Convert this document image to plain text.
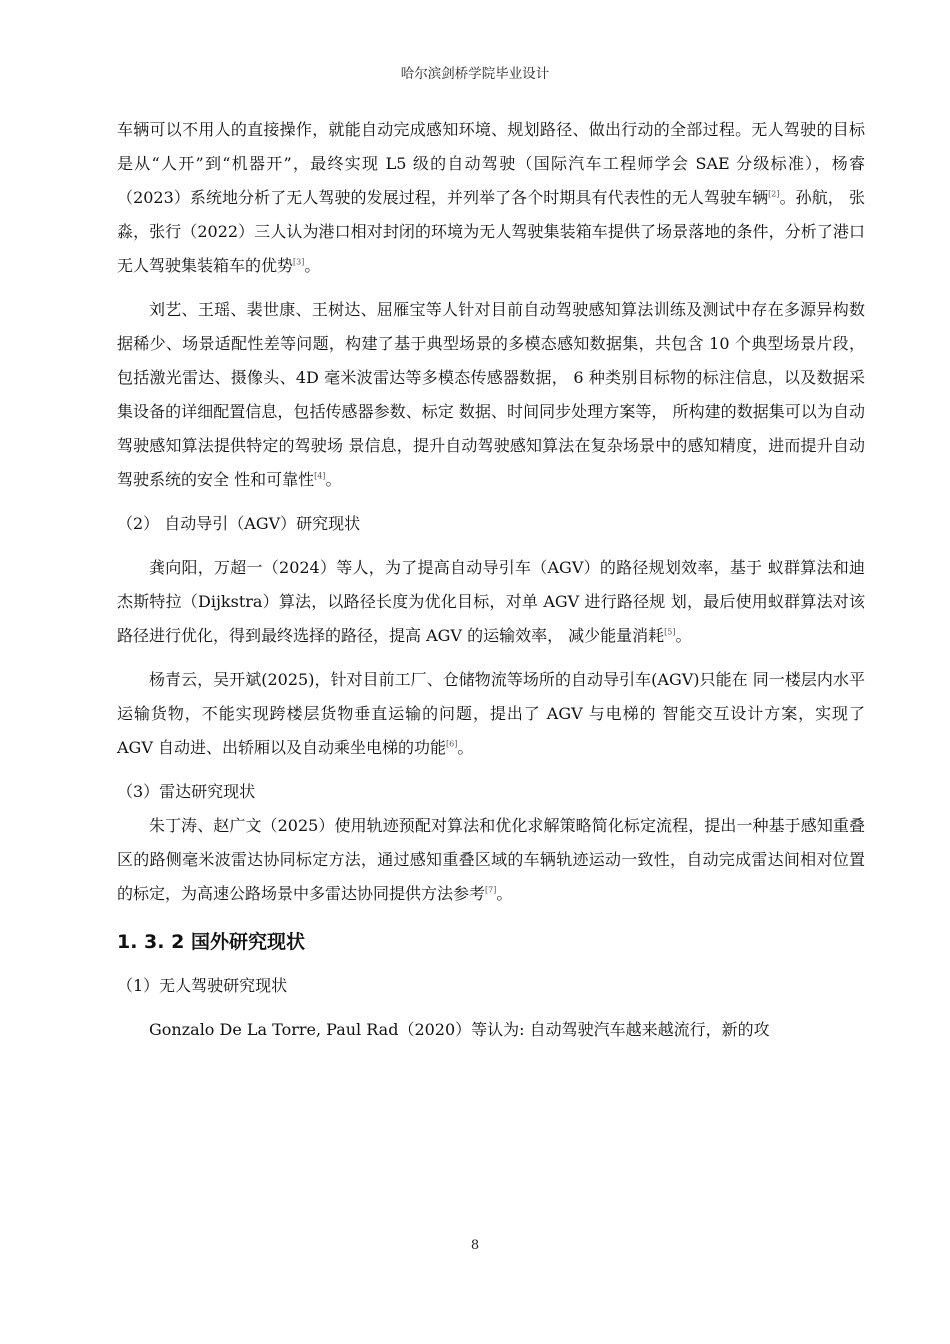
哈尔滨剑桥学院毕业设计

车辆可以不用人的直接操作，就能自动完成感知环境、规划路径、做出行动的全部过程。无人驾驶的目标是从“人开”到“机器开”，最终实现 L5 级的自动驾驶（国际汽车工程师学会 SAE 分级标准），杨睿（2023）系统地分析了无人驾驶的发展过程，并列举了各个时期具有代表性的无人驾驶车辆[2]。孙航， 张淼，张行（2022）三人认为港口相对封闭的环境为无人驾驶集装箱车提供了场景落地的条件，分析了港口无人驾驶集装箱车的优势[3]。

刘艺、王瑶、裴世康、王树达、屈雁宝等人针对目前自动驾驶感知算法训练及测试中存在多源异构数据稀少、场景适配性差等问题，构建了基于典型场景的多模态感知数据集，共包含 10 个典型场景片段，包括激光雷达、摄像头、4D 毫米波雷达等多模态传感器数据， 6 种类别目标物的标注信息，以及数据采集设备的详细配置信息，包括传感器参数、标定 数据、时间同步处理方案等， 所构建的数据集可以为自动驾驶感知算法提供特定的驾驶场 景信息，提升自动驾驶感知算法在复杂场景中的感知精度，进而提升自动驾驶系统的安全 性和可靠性[4]。

（2） 自动导引（AGV）研究现状

龚向阳，万超一（2024）等人，为了提高自动导引车（AGV）的路径规划效率，基于 蚁群算法和迪杰斯特拉（Dijkstra）算法，以路径长度为优化目标，对单 AGV 进行路径规 划，最后使用蚁群算法对该路径进行优化，得到最终选择的路径，提高 AGV 的运输效率， 减少能量消耗[5]。

杨青云，吴开斌(2025)，针对目前工厂、仓储物流等场所的自动导引车(AGV)只能在 同一楼层内水平运输货物，不能实现跨楼层货物垂直运输的问题，提出了 AGV 与电梯的 智能交互设计方案，实现了 AGV 自动进、出轿厢以及自动乘坐电梯的功能[6]。

（3）雷达研究现状

朱丁涛、赵广文（2025）使用轨迹预配对算法和优化求解策略简化标定流程，提出一种基于感知重叠区的路侧毫米波雷达协同标定方法，通过感知重叠区域的车辆轨迹运动一致性，自动完成雷达间相对位置的标定，为高速公路场景中多雷达协同提供方法参考[7]。

1. 3. 2 国外研究现状

（1）无人驾驶研究现状

Gonzalo De La Torre, Paul Rad（2020）等认为: 自动驾驶汽车越来越流行，新的攻

8
